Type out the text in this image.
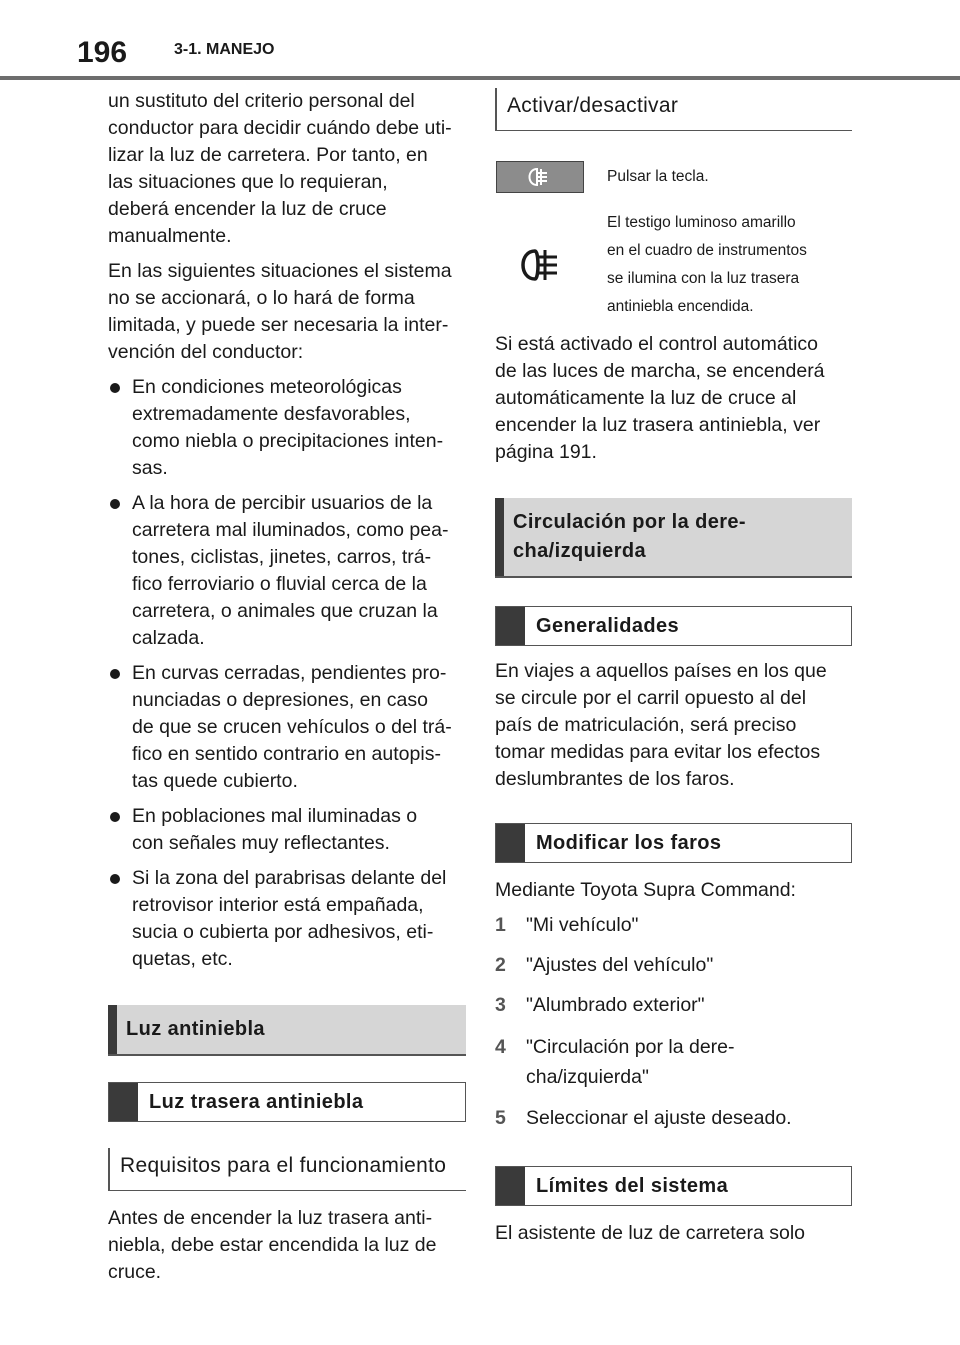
196	3-1. MANEJO

un sustituto del criterio personal del
conductor para decidir cuándo debe uti-
lizar la luz de carretera. Por tanto, en
las situaciones que lo requieran,
deberá encender la luz de cruce
manualmente.

En las siguientes situaciones el sistema
no se accionará, o lo hará de forma
limitada, y puede ser necesaria la inter-
vención del conductor:

En condiciones meteorológicas
extremadamente desfavorables,
como niebla o precipitaciones inten-
sas.
A la hora de percibir usuarios de la
carretera mal iluminados, como pea-
tones, ciclistas, jinetes, carros, trá-
fico ferroviario o fluvial cerca de la
carretera, o animales que cruzan la
calzada.
En curvas cerradas, pendientes pro-
nunciadas o depresiones, en caso
de que se crucen vehículos o del trá-
fico en sentido contrario en autopis-
tas quede cubierto.
En poblaciones mal iluminadas o
con señales muy reflectantes.
Si la zona del parabrisas delante del
retrovisor interior está empañada,
sucia o cubierta por adhesivos, eti-
quetas, etc.
Luz antiniebla
Luz trasera antiniebla
Requisitos para el funcionamiento

Antes de encender la luz trasera anti-
niebla, debe estar encendida la luz de
cruce.

Activar/desactivar
Pulsar la tecla.
El testigo luminoso amarillo
en el cuadro de instrumentos
se ilumina con la luz trasera
antiniebla encendida.

Si está activado el control automático
de las luces de marcha, se encenderá
automáticamente la luz de cruce al
encender la luz trasera antiniebla, ver
página 191.

Circulación por la dere-
cha/izquierda
Generalidades

En viajes a aquellos países en los que
se circule por el carril opuesto al del
país de matriculación, será preciso
tomar medidas para evitar los efectos
deslumbrantes de los faros.

Modificar los faros

Mediante Toyota Supra Command:

1	"Mi vehículo"
2	"Ajustes del vehículo"
3	"Alumbrado exterior"
4	"Circulación por la dere-
cha/izquierda"
5	Seleccionar el ajuste deseado.
Límites del sistema

El asistente de luz de carretera solo
